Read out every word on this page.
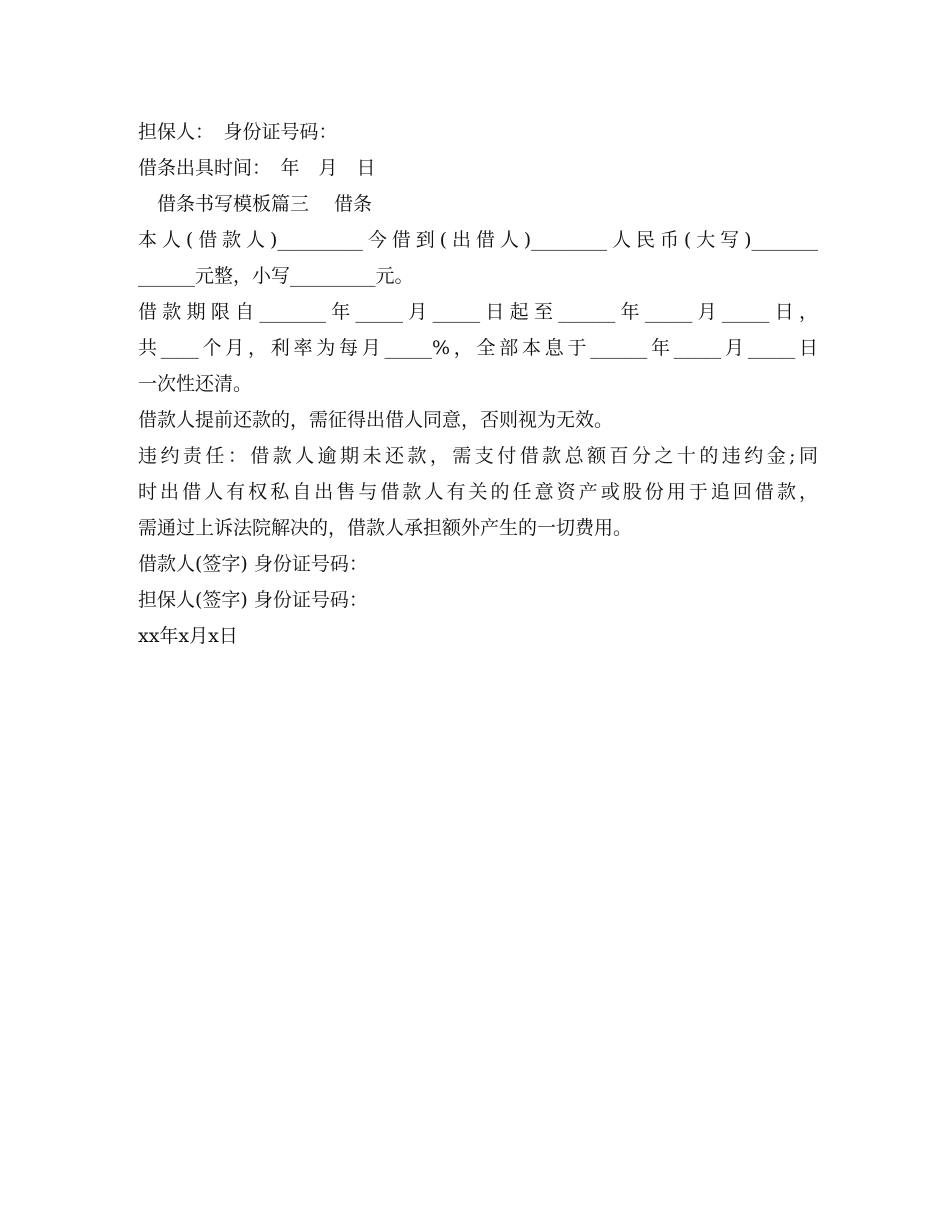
担保人：　身份证号码：
借条出具时间：　年　月　日
　借条书写模板篇三　 借条
本人(借款人)_________今借到(出借人)________人民币(大写)_______
______元整，小写_________元。
借款期限自_______年_____月_____日起至______年_____月_____日，
共____个月，利率为每月_____%，全部本息于______年_____月_____日
一次性还清。
借款人提前还款的，需征得出借人同意，否则视为无效。
违约责任：借款人逾期未还款，需支付借款总额百分之十的违约金;同
时出借人有权私自出售与借款人有关的任意资产或股份用于追回借款，
需通过上诉法院解决的，借款人承担额外产生的一切费用。
借款人(签字) 身份证号码：
担保人(签字) 身份证号码：
xx年x月x日
